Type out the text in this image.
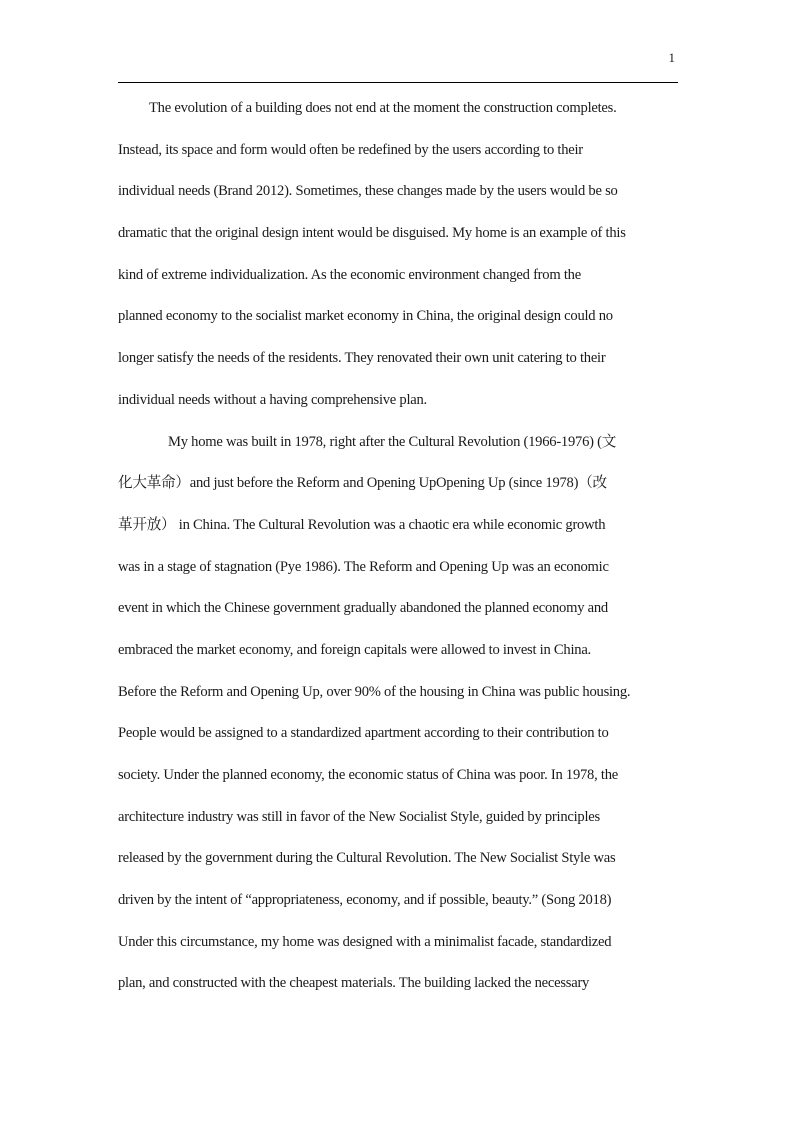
1
The evolution of a building does not end at the moment the construction completes.
Instead, its space and form would often be redefined by the users according to their
individual needs (Brand 2012). Sometimes, these changes made by the users would be so
dramatic that the original design intent would be disguised. My home is an example of this
kind of extreme individualization. As the economic environment changed from the
planned economy to the socialist market economy in China, the original design could no
longer satisfy the needs of the residents. They renovated their own unit catering to their
individual needs without a having comprehensive plan.
My home was built in 1978, right after the Cultural Revolution (1966-1976) (文
化大革命）and just before the Reform and Opening UpOpening Up (since 1978)（改
革开放） in China. The Cultural Revolution was a chaotic era while economic growth
was in a stage of stagnation (Pye 1986). The Reform and Opening Up was an economic
event in which the Chinese government gradually abandoned the planned economy and
embraced the market economy, and foreign capitals were allowed to invest in China.
Before the Reform and Opening Up, over 90% of the housing in China was public housing.
People would be assigned to a standardized apartment according to their contribution to
society. Under the planned economy, the economic status of China was poor. In 1978, the
architecture industry was still in favor of the New Socialist Style, guided by principles
released by the government during the Cultural Revolution. The New Socialist Style was
driven by the intent of “appropriateness, economy, and if possible, beauty.” (Song 2018)
Under this circumstance, my home was designed with a minimalist facade, standardized
plan, and constructed with the cheapest materials. The building lacked the necessary
